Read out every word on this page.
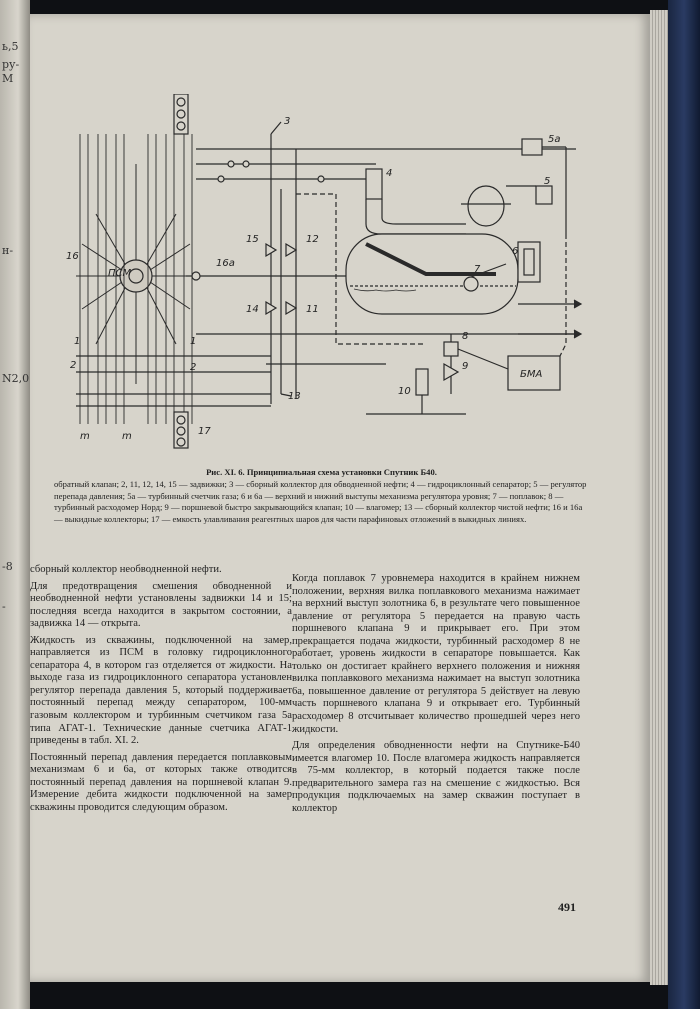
ь,5
ру-
М
н-
N2,0
-8
-
ПСМ
БМА
1	1
2	2
3
4
5
5а
6
7
8
9
10
11
12
13
14
15
16
16а
17
m	m
Рис. XI. 6. Принципиальная схема установки Спутник Б40.
обратный клапан; 2, 11, 12, 14, 15 — задвижки; 3 — сборный коллектор для обводненной нефти; 4 — гидроциклонный сепаратор; 5 — регулятор перепада давления; 5а — турбинный счетчик газа; 6 и 6а — верхний и нижний выступы механизма регулятора уровня; 7 — поплавок; 8 — турбинный расходомер Норд; 9 — поршневой быстро закрывающийся клапан; 10 — влагомер; 13 — сборный коллектор чистой нефти; 16 и 16а — выкидные коллекторы; 17 — емкость улавливания реагентных шаров для части парафиновых отложений в выкидных линиях.

сборный коллектор необводненной нефти.

Для предотвращения смешения обводненной и необводненной нефти установлены задвижки 14 и 15; последняя всегда находится в закрытом состоянии, а задвижка 14 — открыта.

Жидкость из скважины, подключенной на замер, направляется из ПСМ в головку гидроциклонного сепаратора 4, в котором газ отделяется от жидкости. На выходе газа из гидроциклонного сепаратора установлен регулятор перепада давления 5, который поддерживает постоянный перепад между сепаратором, 100-мм газовым коллектором и турбинным счетчиком газа 5а типа АГАТ-1. Технические данные счетчика АГАТ-1 приведены в табл. XI. 2.

Постоянный перепад давления передается поплавковым механизмам 6 и 6а, от которых также отводится постоянный перепад давления на поршневой клапан 9. Измерение дебита жидкости подключенной на замер скважины проводится следующим образом.

Когда поплавок 7 уровнемера находится в крайнем нижнем положении, верхняя вилка поплавкового механизма нажимает на верхний выступ золотника 6, в результате чего повышенное давление от регулятора 5 передается на правую часть поршневого клапана 9 и прикрывает его. При этом прекращается подача жидкости, турбинный расходомер 8 не работает, уровень жидкости в сепараторе повышается. Как только он достигает крайнего верхнего положения и нижняя вилка поплавкового механизма нажимает на выступ золотника 6а, повышенное давление от регулятора 5 действует на левую часть поршневого клапана 9 и открывает его. Турбинный расходомер 8 отсчитывает количество прошедшей через него жидкости.

Для определения обводненности нефти на Спутнике-Б40 имеется влагомер 10. После влагомера жидкость направляется в 75-мм коллектор, в который подается также после предварительного замера газ на смешение с жидкостью. Вся продукция подключаемых на замер скважин поступает в коллектор

491
